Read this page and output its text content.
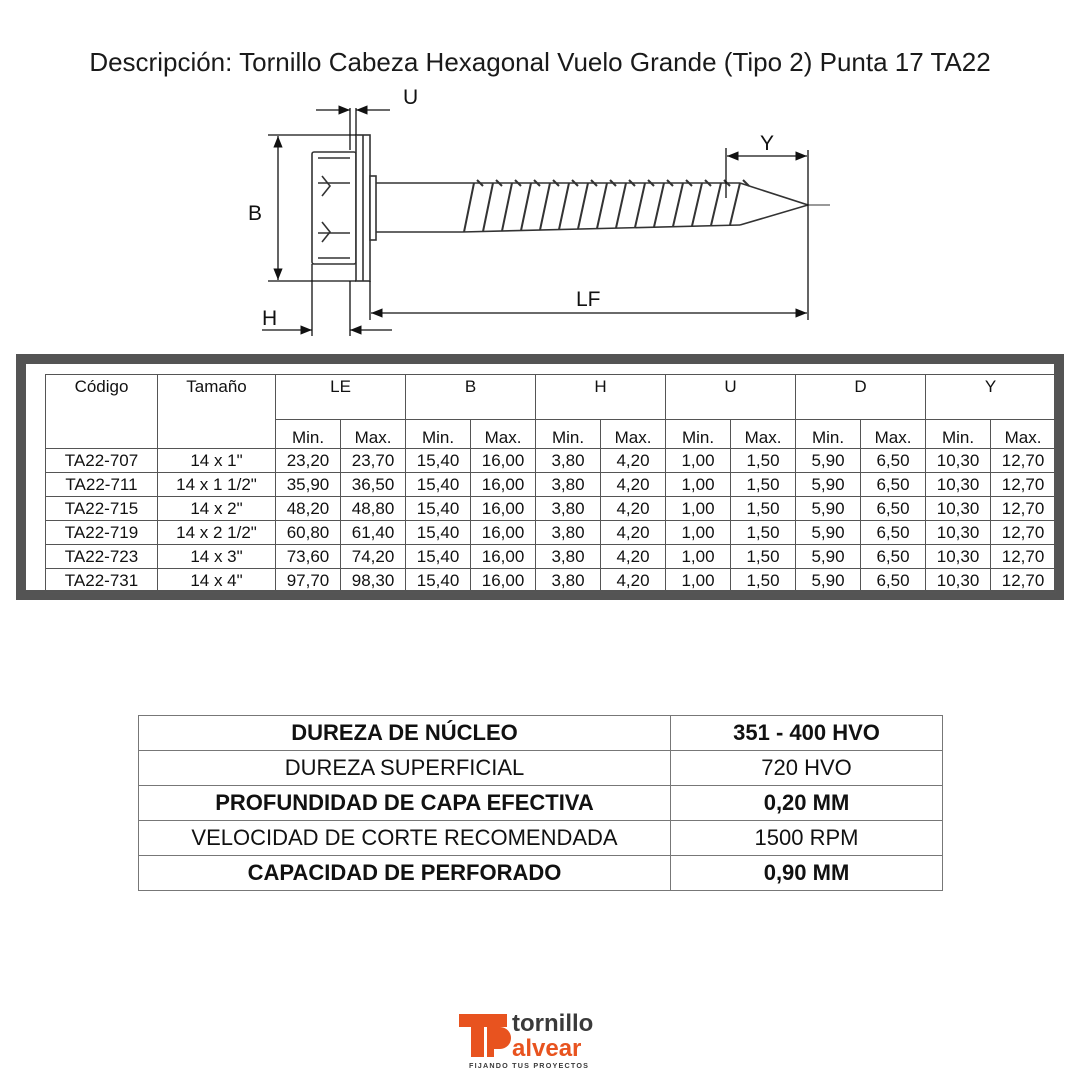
Descripción: Tornillo Cabeza Hexagonal Vuelo Grande (Tipo 2) Punta 17 TA22
U
B
H
LF
Y
Código	Tamaño	LE		B		H		U		D		Y	
		Min.	Max.	Min.	Max.	Min.	Max.	Min.	Max.	Min.	Max.	Min.	Max.
TA22-707	14 x 1"	23,20	23,70	15,40	16,00	3,80	4,20	1,00	1,50	5,90	6,50	10,30	12,70
TA22-711	14 x 1 1/2"	35,90	36,50	15,40	16,00	3,80	4,20	1,00	1,50	5,90	6,50	10,30	12,70
TA22-715	14 x 2"	48,20	48,80	15,40	16,00	3,80	4,20	1,00	1,50	5,90	6,50	10,30	12,70
TA22-719	14 x 2 1/2"	60,80	61,40	15,40	16,00	3,80	4,20	1,00	1,50	5,90	6,50	10,30	12,70
TA22-723	14 x 3"	73,60	74,20	15,40	16,00	3,80	4,20	1,00	1,50	5,90	6,50	10,30	12,70
TA22-731	14 x 4"	97,70	98,30	15,40	16,00	3,80	4,20	1,00	1,50	5,90	6,50	10,30	12,70
DUREZA DE NÚCLEO	351 - 400 HVO
DUREZA SUPERFICIAL	720 HVO
PROFUNDIDAD DE CAPA EFECTIVA	0,20 MM
VELOCIDAD DE CORTE RECOMENDADA	1500 RPM
CAPACIDAD DE PERFORADO	0,90 MM
tornillo
alvear
FIJANDO TUS PROYECTOS
